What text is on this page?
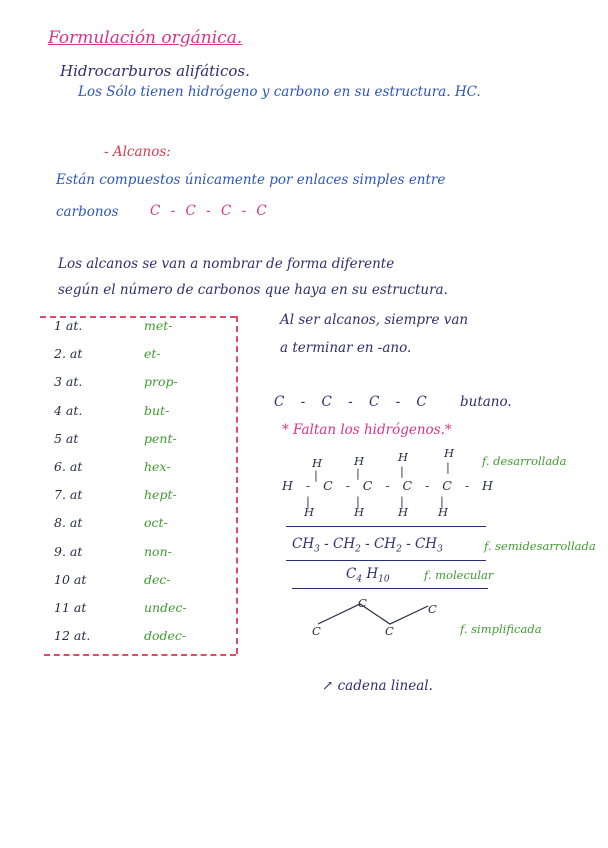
Formulación orgánica.
Hidrocarburos alifáticos.
Los Sólo tienen hidrógeno y carbono en su estructura. HC.
- Alcanos:
Están compuestos únicamente por enlaces simples entre
carbonos C - C - C - C
Los alcanos se van a nombrar de forma diferente
según el número de carbonos que haya en su estructura.
1 at.	met-
2. at	et-
3 at.	prop-
4 at.	but-
5 at	pent-
6. at	hex-
7. at	hept-
8. at	oct-
9. at	non-
10 at	dec-
11 at	undec-
12 at.	dodec-
Al ser alcanos, siempre van
a terminar en -ano.
C - C - C - C butano.
* Faltan los hidrógenos.*
H	H	H	H
|	|	|	|
H - C - C - C - C - H
|	|	|	|
H	H	H	H
f. desarrollada
$CH_3 - CH_2 - CH_2 - CH_3$	f. semidesarrollada
$C_4$ $H_{10}$	f. molecular
C
C
C
C
f. simplificada
↗ cadena lineal.
